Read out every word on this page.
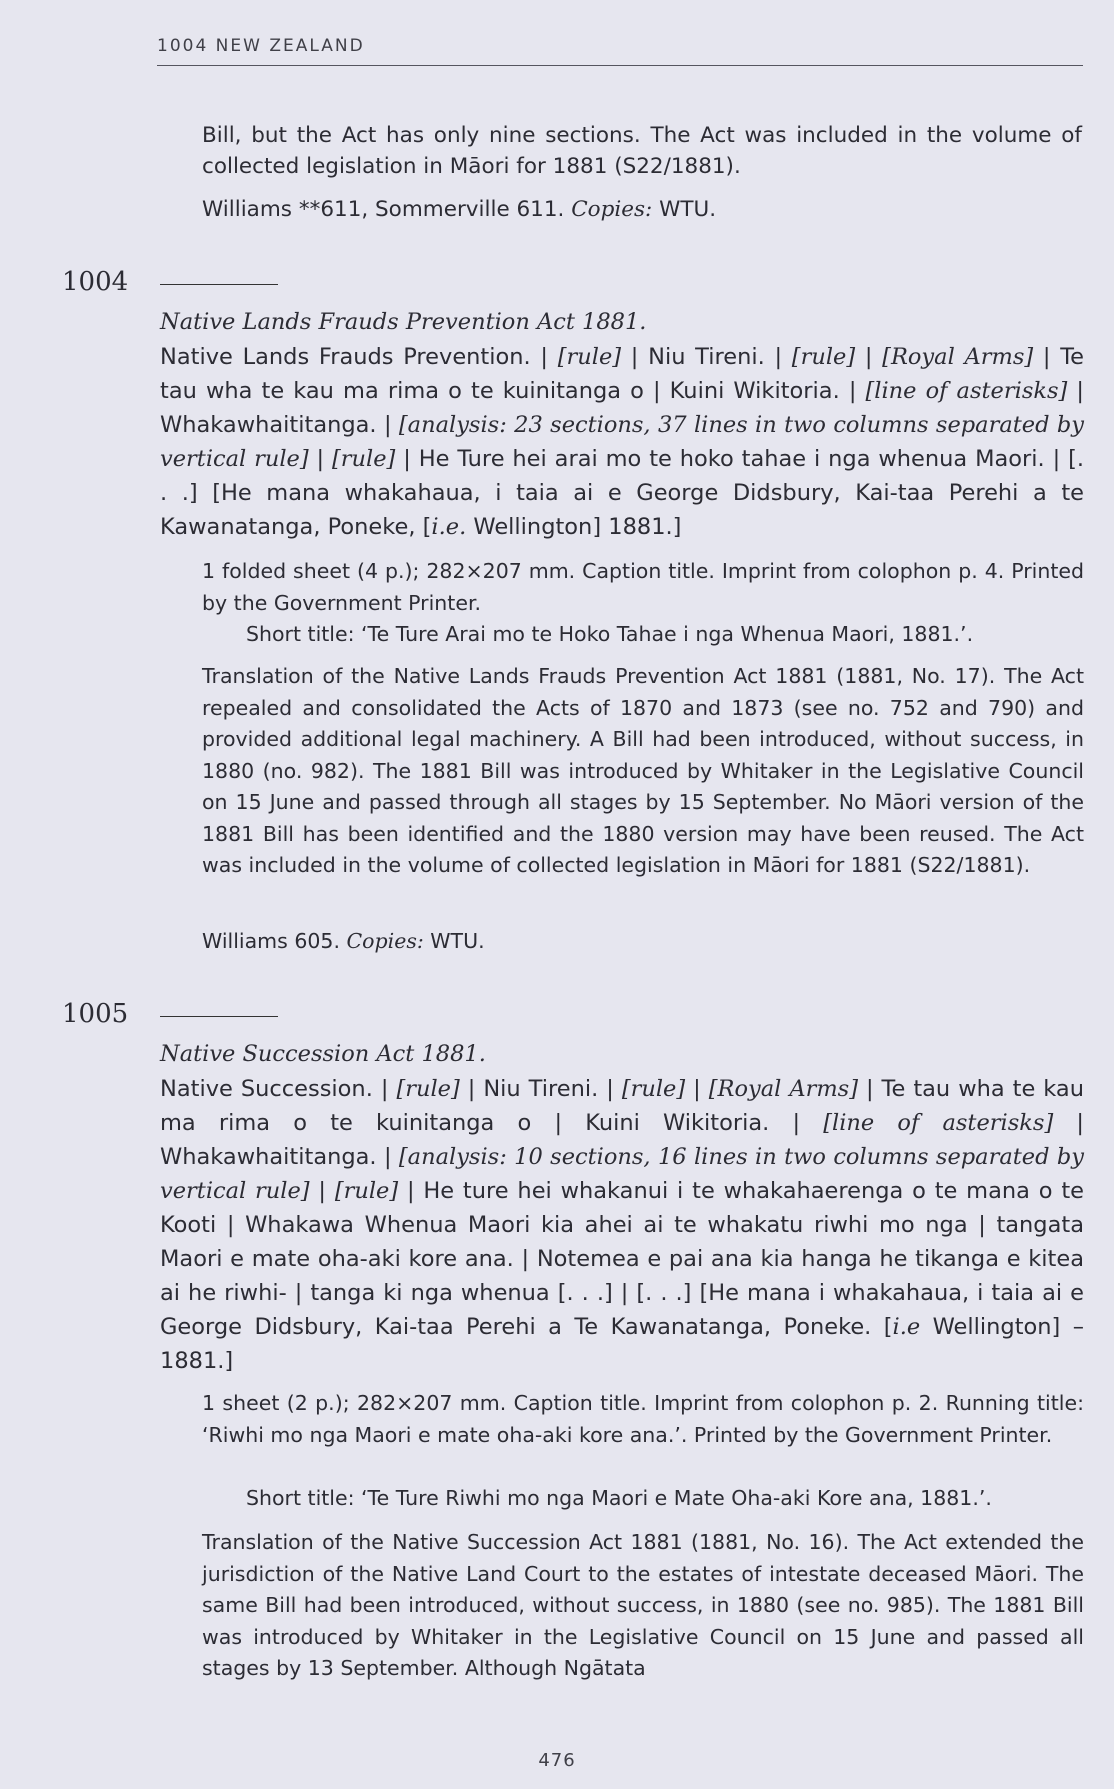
1004 NEW ZEALAND

Bill, but the Act has only nine sections. The Act was included in the volume of collected legislation in Māori for 1881 (S22/1881).

Williams **611, Sommerville 611. Copies: WTU.
1004
Native Lands Frauds Prevention Act 1881.
Native Lands Frauds Prevention. | [rule] | Niu Tireni. | [rule] | [Royal Arms] | Te tau wha te kau ma rima o te kuinitanga o | Kuini Wikitoria. | [line of asterisks] | Whakawhaititanga. | [analysis: 23 sections, 37 lines in two columns separated by vertical rule] | [rule] | He Ture hei arai mo te hoko tahae i nga whenua Maori. | [. . .] [He mana whakahaua, i taia ai e George Didsbury, Kai-taa Perehi a te Kawanatanga, Poneke, [i.e. Wellington] 1881.]
1 folded sheet (4 p.); 282×207 mm. Caption title. Imprint from colophon p. 4. Printed by the Government Printer.
Short title: ‘Te Ture Arai mo te Hoko Tahae i nga Whenua Maori, 1881.’.
Translation of the Native Lands Frauds Prevention Act 1881 (1881, No. 17). The Act repealed and consolidated the Acts of 1870 and 1873 (see no. 752 and 790) and provided additional legal machinery. A Bill had been introduced, without success, in 1880 (no. 982). The 1881 Bill was introduced by Whitaker in the Legislative Council on 15 June and passed through all stages by 15 September. No Māori version of the 1881 Bill has been identified and the 1880 version may have been reused. The Act was included in the volume of collected legislation in Māori for 1881 (S22/1881).
Williams 605. Copies: WTU.
1005
Native Succession Act 1881.
Native Succession. | [rule] | Niu Tireni. | [rule] | [Royal Arms] | Te tau wha te kau ma rima o te kuinitanga o | Kuini Wikitoria. | [line of asterisks] | Whakawhaititanga. | [analysis: 10 sections, 16 lines in two columns separated by vertical rule] | [rule] | He ture hei whakanui i te whakahaerenga o te mana o te Kooti | Whakawa Whenua Maori kia ahei ai te whakatu riwhi mo nga | tangata Maori e mate oha-aki kore ana. | Notemea e pai ana kia hanga he tikanga e kitea ai he riwhi- | tanga ki nga whenua [. . .] | [. . .] [He mana i whakahaua, i taia ai e George Didsbury, Kai-taa Perehi a Te Kawanatanga, Poneke. [i.e Wellington] –1881.]
1 sheet (2 p.); 282×207 mm. Caption title. Imprint from colophon p. 2. Running title: ‘Riwhi mo nga Maori e mate oha-aki kore ana.’. Printed by the Government Printer.
Short title: ‘Te Ture Riwhi mo nga Maori e Mate Oha-aki Kore ana, 1881.’.
Translation of the Native Succession Act 1881 (1881, No. 16). The Act extended the jurisdiction of the Native Land Court to the estates of intestate deceased Māori. The same Bill had been introduced, without success, in 1880 (see no. 985). The 1881 Bill was introduced by Whitaker in the Legislative Council on 15 June and passed all stages by 13 September. Although Ngātata
476
